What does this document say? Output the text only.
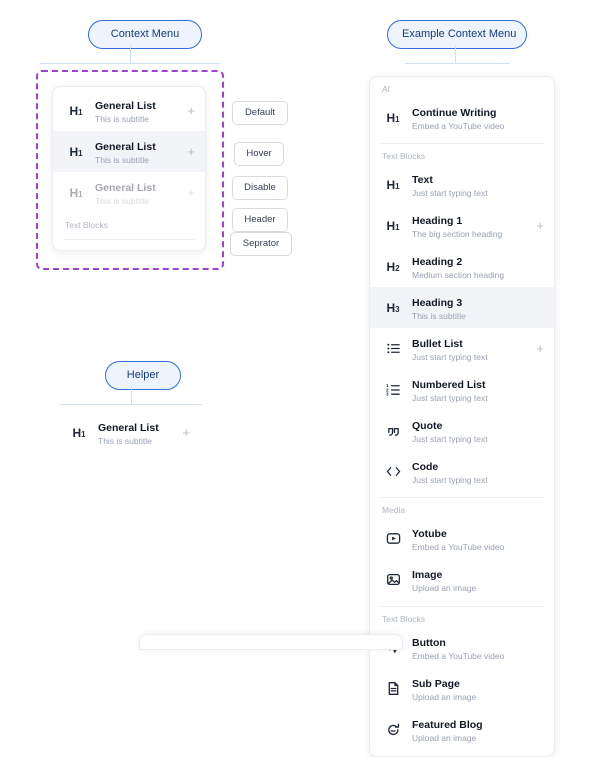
Context Menu
$H_1$
General List
This is subtitle
+
$H_1$
General List
This is subtitle
+
$H_1$
General List
This is subtitle
+
Text Blocks
Default
Hover
Disable
Header
Seprator
Helper
$H_1$
General List
This is subtitle
+
Example Context Menu
AI
$H_1$
Continue Writing
Embed a YouTube video
Text Blocks
$H_1$
Text
Just start typing text
$H_1$
Heading 1
The big section heading
+
$H_2$
Heading 2
Medium section heading
$H_3$
Heading 3
This is subtitle
Bullet List
Just start typing text
+
1
2
3
Numbered List
Just start typing text
Quote
Just start typing text
Code
Just start typing text
Media
Yotube
Embed a YouTube video
Image
Upload an image
Text Blocks
Button
Embed a YouTube video
Sub Page
Upload an image
Featured Blog
Upload an image
